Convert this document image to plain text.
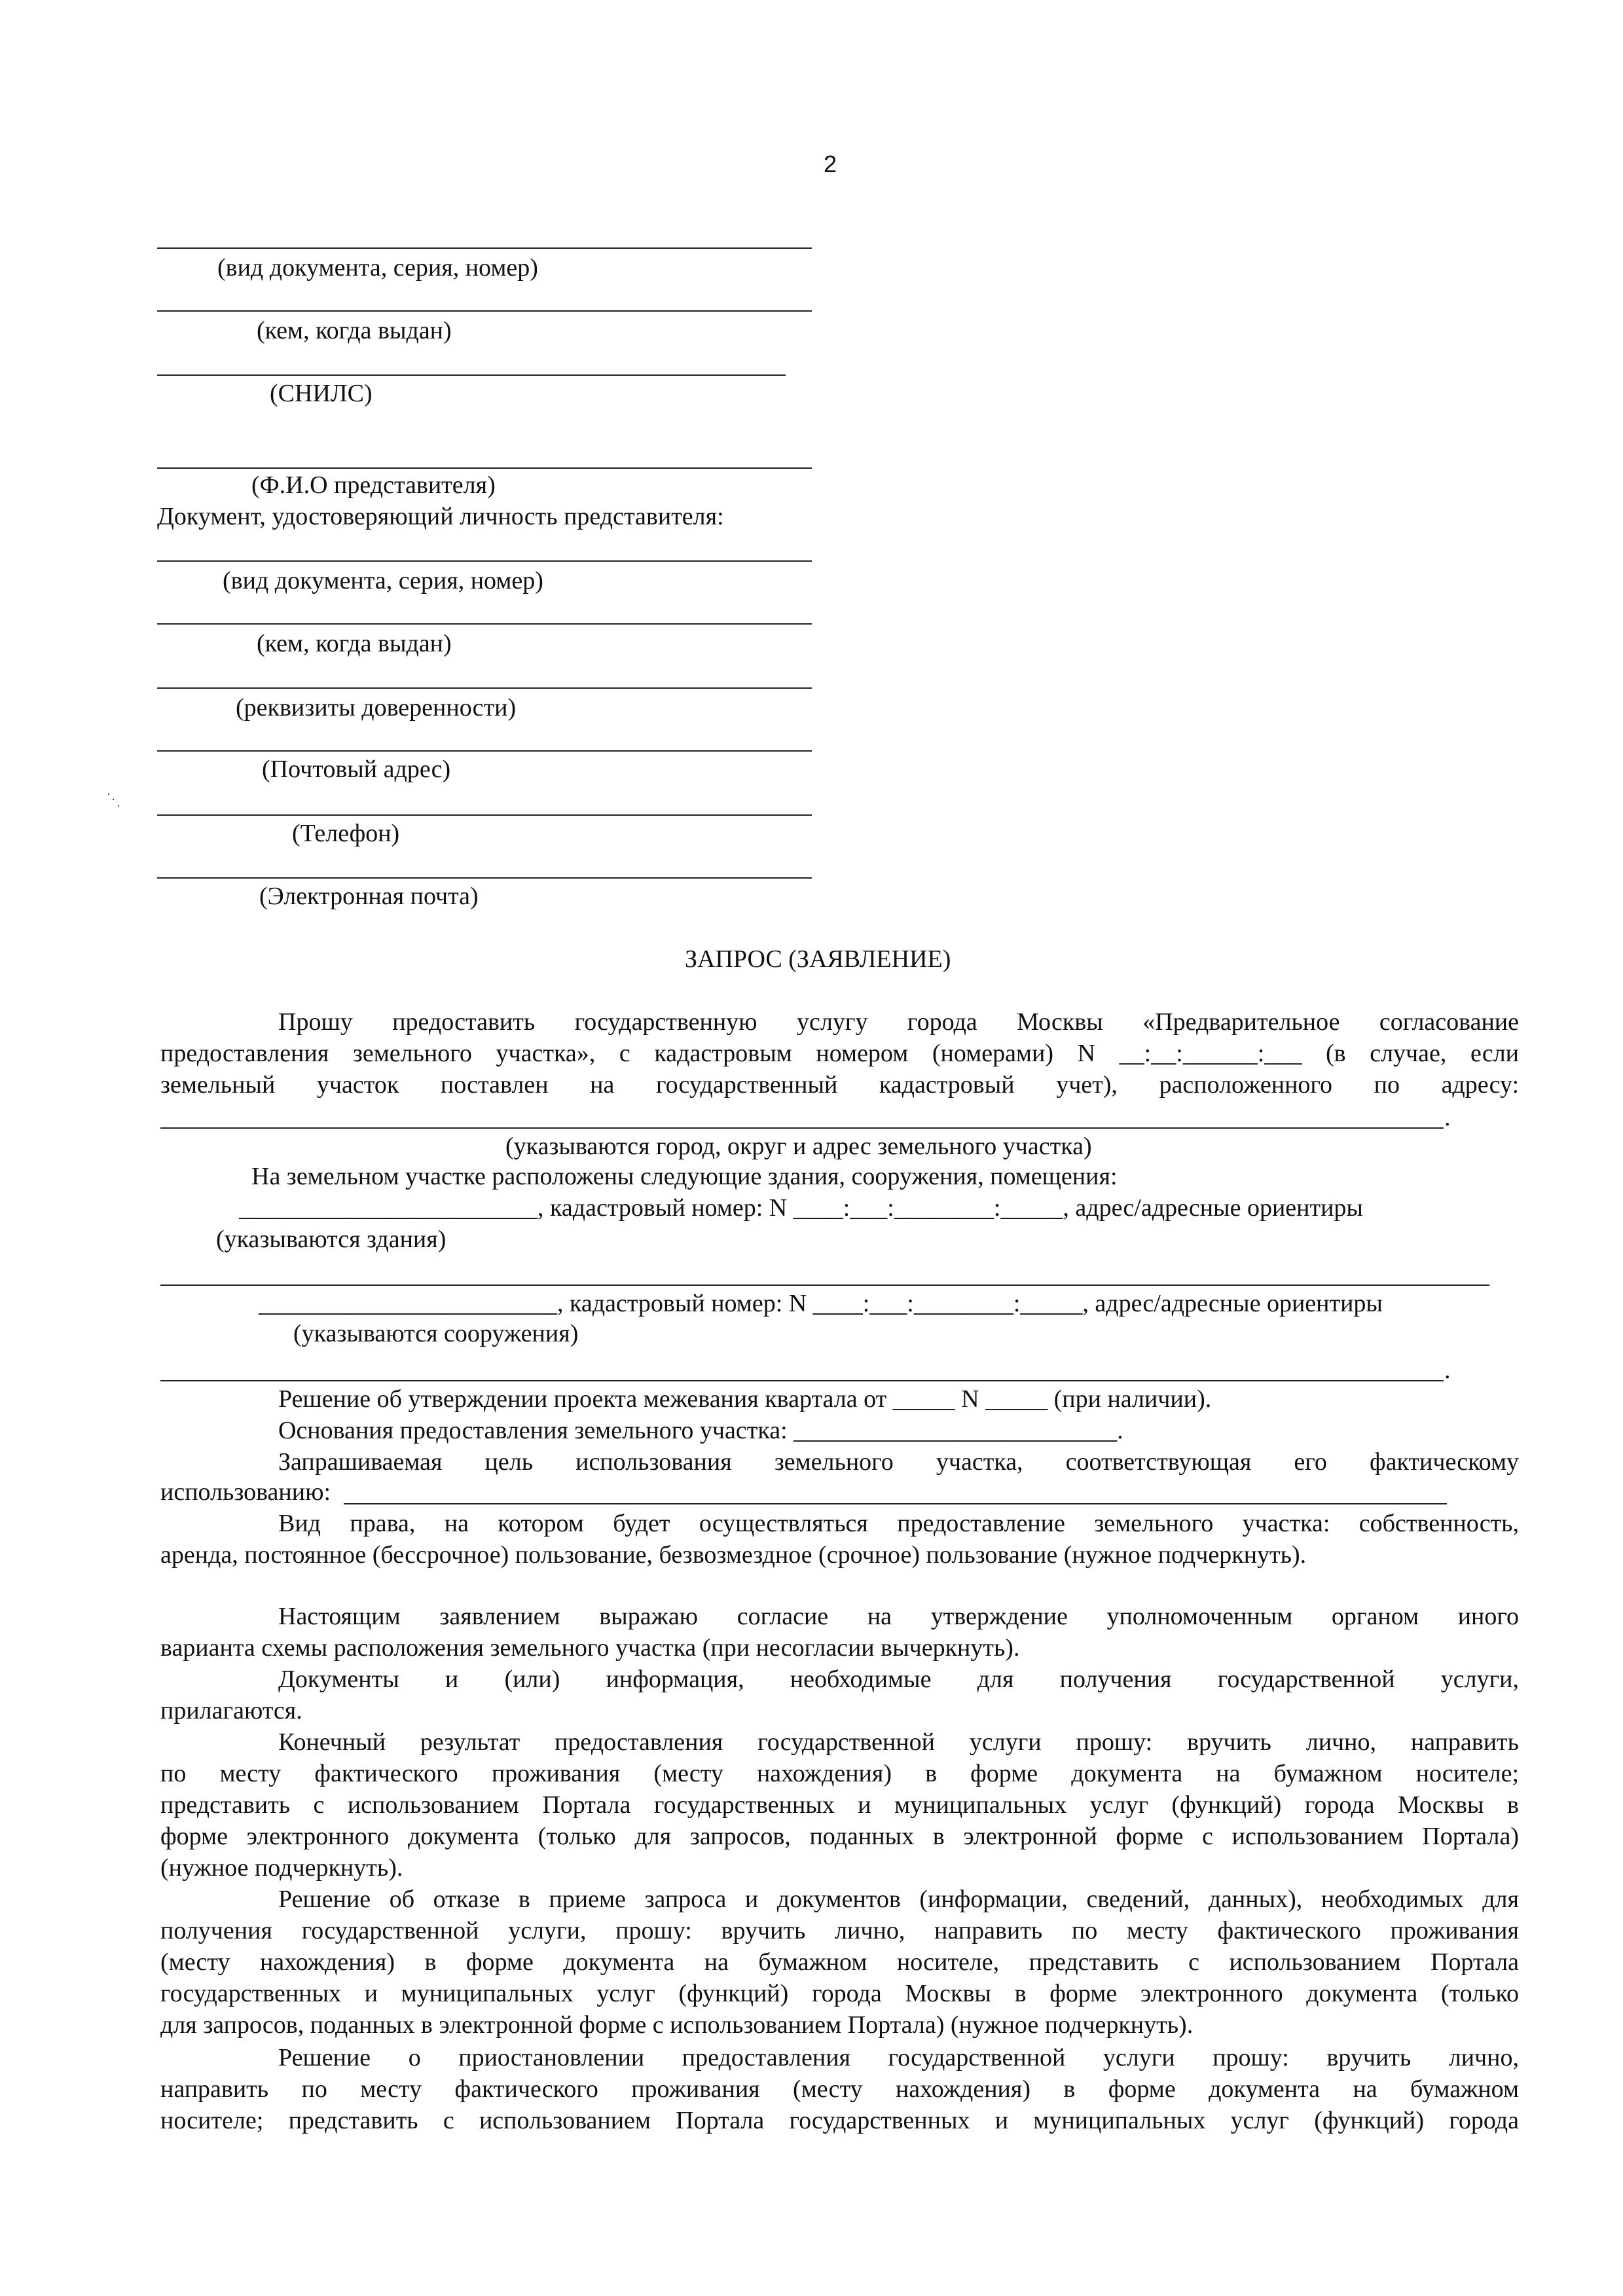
2
(вид документа, серия, номер)
(кем, когда выдан)
(СНИЛС)
(Ф.И.О представителя)
Документ, удостоверяющий личность представителя:
(вид документа, серия, номер)
(кем, когда выдан)
(реквизиты доверенности)
(Почтовый адрес)
(Телефон)
(Электронная почта)
ЗАПРОС (ЗАЯВЛЕНИЕ)
Прошу предоставить государственную услугу города Москвы «Предварительное согласование
предоставления земельного участка», с кадастровым номером (номерами) N __:__:______:___ (в случае, если
земельный участок поставлен на государственный кадастровый учет), расположенного по адресу:
.
(указываются город, округ и адрес земельного участка)
На земельном участке расположены следующие здания, сооружения, помещения:
________________________, кадастровый номер: N ____:___:________:_____, адрес/адресные ориентиры
(указываются здания)
________________________, кадастровый номер: N ____:___:________:_____, адрес/адресные ориентиры
(указываются сооружения)
.
Решение об утверждении проекта межевания квартала от _____ N _____ (при наличии).
Основания предоставления земельного участка: __________________________.
Запрашиваемая цель использования земельного участка, соответствующая его фактическому
использованию:
Вид права, на котором будет осуществляться предоставление земельного участка: собственность,
аренда, постоянное (бессрочное) пользование, безвозмездное (срочное) пользование (нужное подчеркнуть).
Настоящим заявлением выражаю согласие на утверждение уполномоченным органом иного
варианта схемы расположения земельного участка (при несогласии вычеркнуть).
Документы и (или) информация, необходимые для получения государственной услуги,
прилагаются.
Конечный результат предоставления государственной услуги прошу: вручить лично, направить
по месту фактического проживания (месту нахождения) в форме документа на бумажном носителе;
представить с использованием Портала государственных и муниципальных услуг (функций) города Москвы в
форме электронного документа (только для запросов, поданных в электронной форме с использованием Портала)
(нужное подчеркнуть).
Решение об отказе в приеме запроса и документов (информации, сведений, данных), необходимых для
получения государственной услуги, прошу: вручить лично, направить по месту фактического проживания
(месту нахождения) в форме документа на бумажном носителе, представить с использованием Портала
государственных и муниципальных услуг (функций) города Москвы в форме электронного документа (только
для запросов, поданных в электронной форме с использованием Портала) (нужное подчеркнуть).
Решение о приостановлении предоставления государственной услуги прошу: вручить лично,
направить по месту фактического проживания (месту нахождения) в форме документа на бумажном
носителе; представить с использованием Портала государственных и муниципальных услуг (функций) города
